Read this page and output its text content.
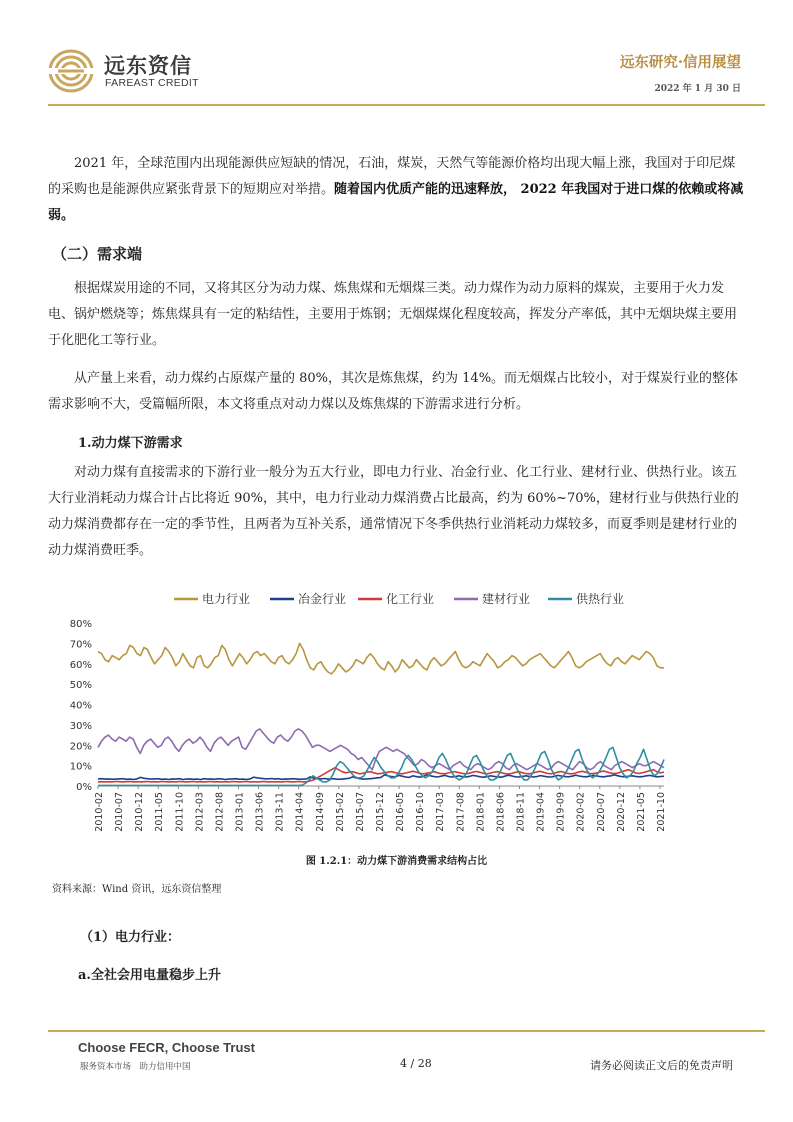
远东资信
FAREAST CREDIT
远东研究·信用展望
2022 年 1 月 30 日

2021 年，全球范围内出现能源供应短缺的情况，石油，煤炭，天然气等能源价格均出现大幅上涨，我国对于印尼煤的采购也是能源供应紧张背景下的短期应对举措。随着国内优质产能的迅速释放， 2022 年我国对于进口煤的依赖或将减弱。

（二）需求端

根据煤炭用途的不同，又将其区分为动力煤、炼焦煤和无烟煤三类。动力煤作为动力原料的煤炭，主要用于火力发电、锅炉燃烧等；炼焦煤具有一定的粘结性，主要用于炼钢；无烟煤煤化程度较高，挥发分产率低，其中无烟块煤主要用于化肥化工等行业。

从产量上来看，动力煤约占原煤产量的 80%，其次是炼焦煤，约为 14%。而无烟煤占比较小，对于煤炭行业的整体需求影响不大，受篇幅所限，本文将重点对动力煤以及炼焦煤的下游需求进行分析。

1.动力煤下游需求

对动力煤有直接需求的下游行业一般分为五大行业，即电力行业、冶金行业、化工行业、建材行业、供热行业。该五大行业消耗动力煤合计占比将近 90%，其中，电力行业动力煤消费占比最高，约为 60%~70%，建材行业与供热行业的动力煤消费都存在一定的季节性，且两者为互补关系，通常情况下冬季供热行业消耗动力煤较多，而夏季则是建材行业的动力煤消费旺季。

电力行业	冶金行业	化工行业	建材行业	供热行业
0%
10%
20%
30%
40%
50%
60%
70%
80%
2010-02 2010-07 2010-12 2011-05 2011-10 2012-03 2012-08 2013-01 2013-06 2013-11 2014-04 2014-09 2015-02 2015-07 2015-12 2016-05 2016-10 2017-03 2017-08 2018-01 2018-06 2018-11 2019-04 2019-09 2020-02 2020-07 2020-12 2021-05 2021-10
图 1.2.1：动力煤下游消费需求结构占比
资料来源：Wind 资讯，远东资信整理
（1）电力行业：
a.全社会用电量稳步上升
Choose FECR, Choose Trust
服务资本市场　助力信用中国	4 / 28	请务必阅读正文后的免责声明
